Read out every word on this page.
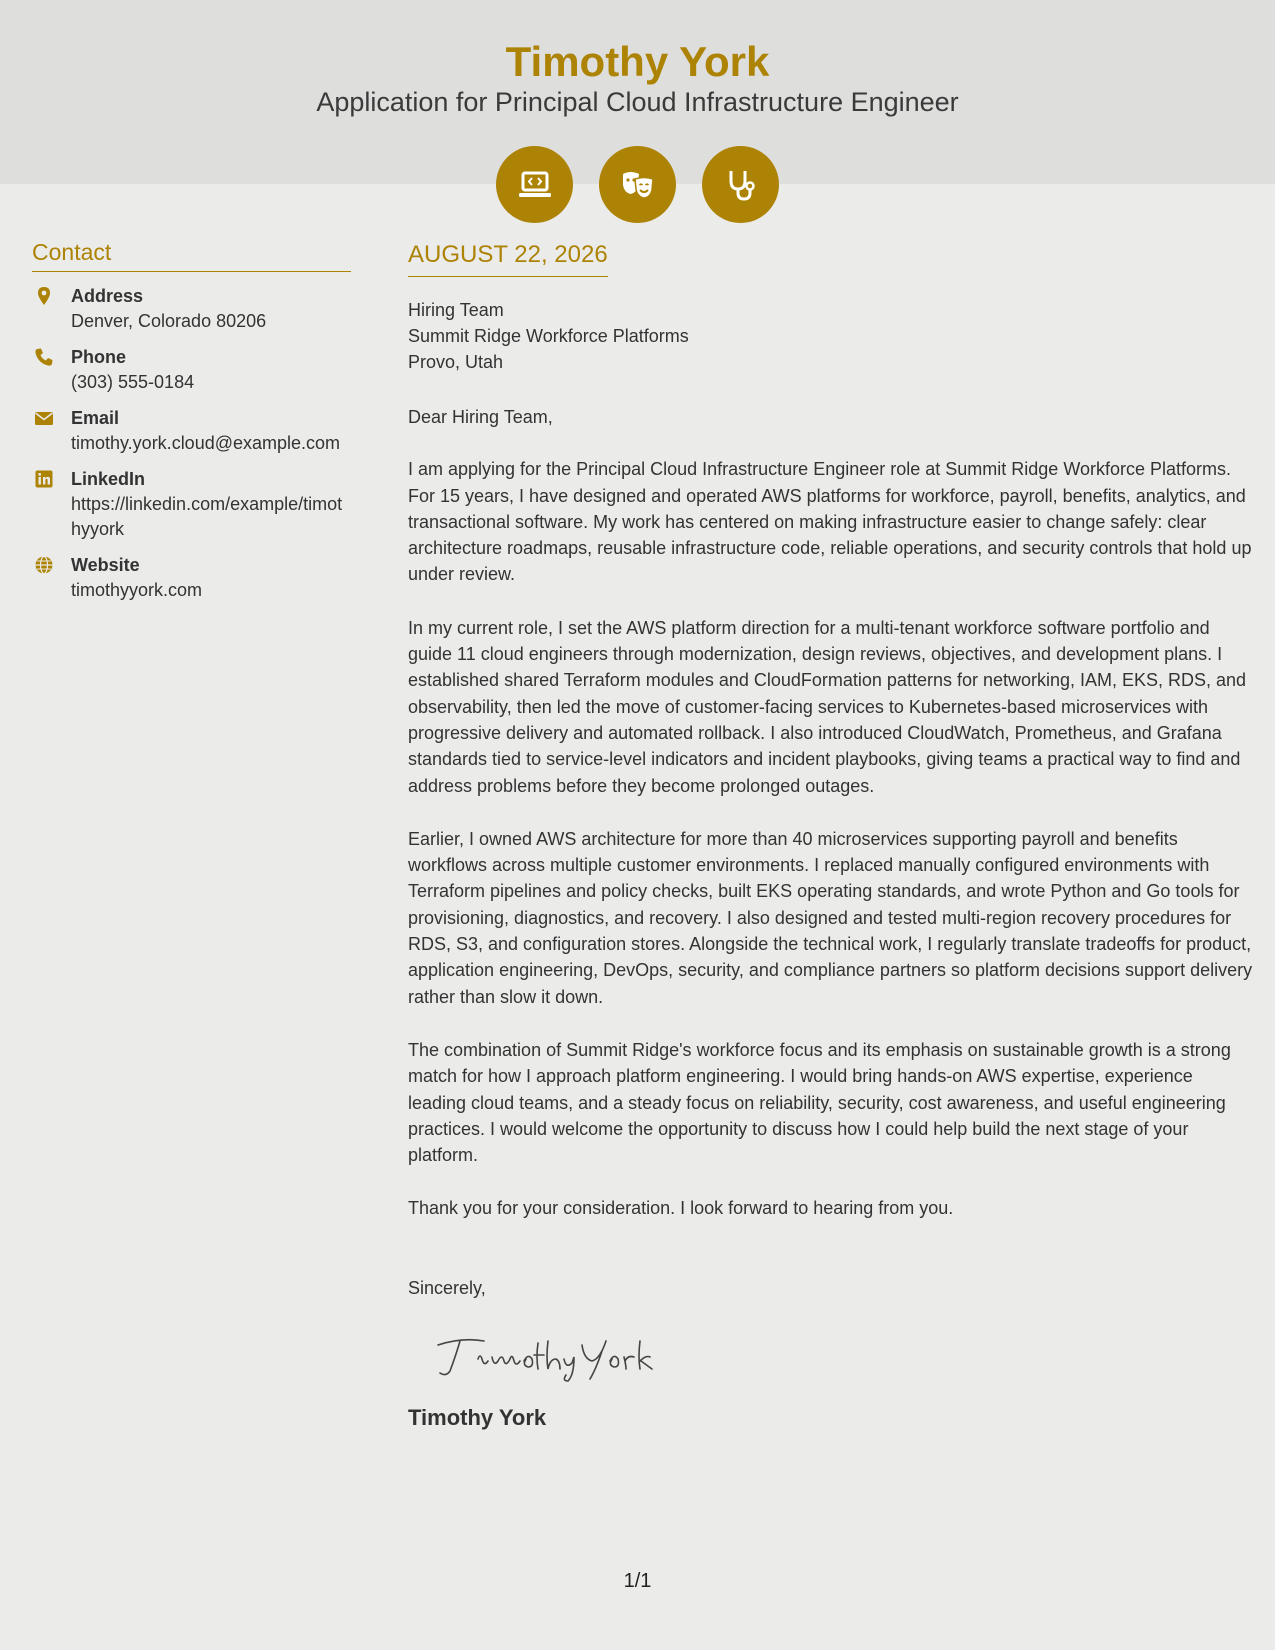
Timothy York
Application for Principal Cloud Infrastructure Engineer
Contact
Address
Denver, Colorado 80206
Phone
(303) 555-0184
Email
timothy.york.cloud@example.com
LinkedIn
https://linkedin.com/example/timothyyork
Website
timothyyork.com
AUGUST 22, 2026
Hiring Team
Summit Ridge Workforce Platforms
Provo, Utah

Dear Hiring Team,

I am applying for the Principal Cloud Infrastructure Engineer role at Summit Ridge Workforce Platforms. For 15 years, I have designed and operated AWS platforms for workforce, payroll, benefits, analytics, and transactional software. My work has centered on making infrastructure easier to change safely: clear architecture roadmaps, reusable infrastructure code, reliable operations, and security controls that hold up under review.

In my current role, I set the AWS platform direction for a multi-tenant workforce software portfolio and guide 11 cloud engineers through modernization, design reviews, objectives, and development plans. I established shared Terraform modules and CloudFormation patterns for networking, IAM, EKS, RDS, and observability, then led the move of customer-facing services to Kubernetes-based microservices with progressive delivery and automated rollback. I also introduced CloudWatch, Prometheus, and Grafana standards tied to service-level indicators and incident playbooks, giving teams a practical way to find and address problems before they become prolonged outages.

Earlier, I owned AWS architecture for more than 40 microservices supporting payroll and benefits workflows across multiple customer environments. I replaced manually configured environments with Terraform pipelines and policy checks, built EKS operating standards, and wrote Python and Go tools for provisioning, diagnostics, and recovery. I also designed and tested multi-region recovery procedures for RDS, S3, and configuration stores. Alongside the technical work, I regularly translate tradeoffs for product, application engineering, DevOps, security, and compliance partners so platform decisions support delivery rather than slow it down.

The combination of Summit Ridge's workforce focus and its emphasis on sustainable growth is a strong match for how I approach platform engineering. I would bring hands-on AWS expertise, experience leading cloud teams, and a steady focus on reliability, security, cost awareness, and useful engineering practices. I would welcome the opportunity to discuss how I could help build the next stage of your platform.

Thank you for your consideration. I look forward to hearing from you.

Sincerely,

Timothy York
1/1
